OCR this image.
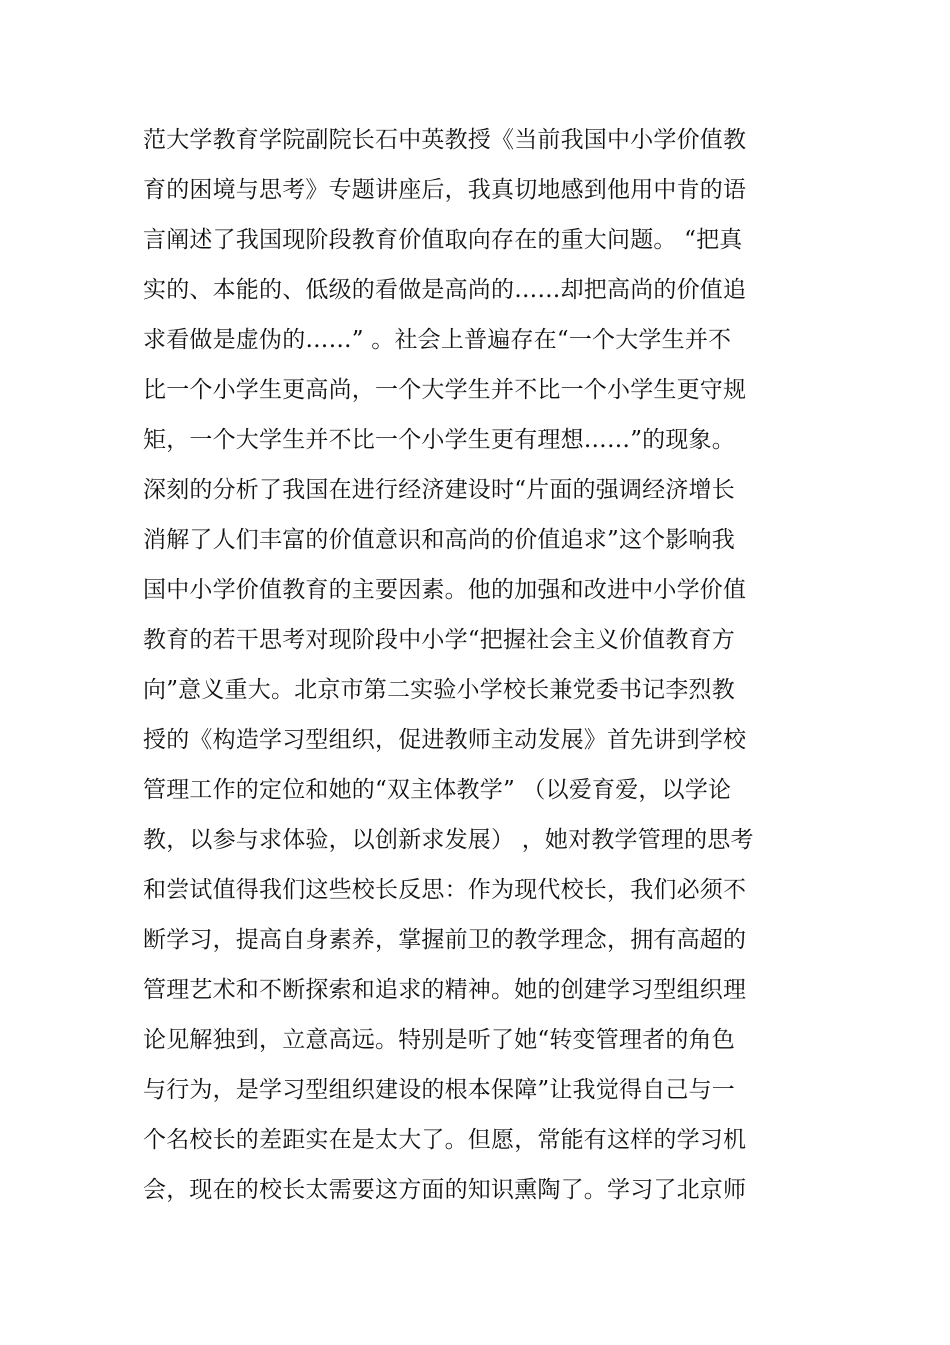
范大学教育学院副院长石中英教授《当前我国中小学价值教
育的困境与思考》专题讲座后，我真切地感到他用中肯的语
言阐述了我国现阶段教育价值取向存在的重大问题。 “把真
实的、本能的、低级的看做是高尚的……却把高尚的价值追
求看做是虚伪的……” 。社会上普遍存在“一个大学生并不
比一个小学生更高尚，一个大学生并不比一个小学生更守规
矩，一个大学生并不比一个小学生更有理想……”的现象。
深刻的分析了我国在进行经济建设时“片面的强调经济增长
消解了人们丰富的价值意识和高尚的价值追求”这个影响我
国中小学价值教育的主要因素。他的加强和改进中小学价值
教育的若干思考对现阶段中小学“把握社会主义价值教育方
向”意义重大。北京市第二实验小学校长兼党委书记李烈教
授的《构造学习型组织，促进教师主动发展》首先讲到学校
管理工作的定位和她的“双主体教学” （以爱育爱，以学论
教，以参与求体验，以创新求发展） ，她对教学管理的思考
和尝试值得我们这些校长反思：作为现代校长，我们必须不
断学习，提高自身素养，掌握前卫的教学理念，拥有高超的
管理艺术和不断探索和追求的精神。她的创建学习型组织理
论见解独到，立意高远。特别是听了她“转变管理者的角色
与行为，是学习型组织建设的根本保障”让我觉得自己与一
个名校长的差距实在是太大了。但愿，常能有这样的学习机
会，现在的校长太需要这方面的知识熏陶了。学习了北京师
